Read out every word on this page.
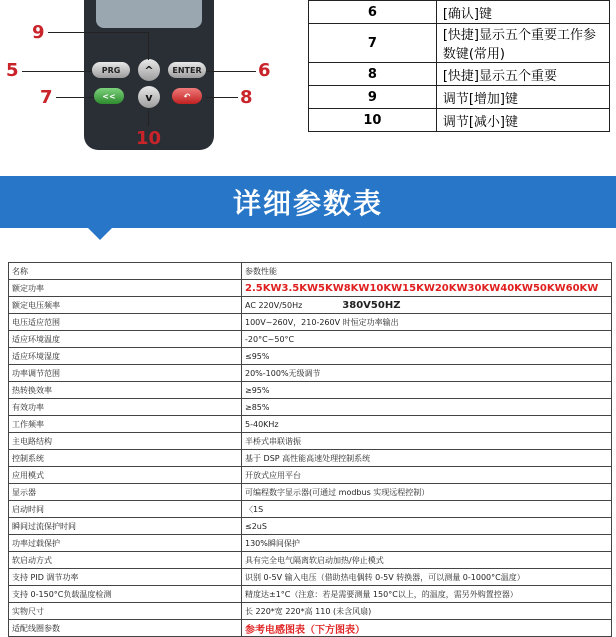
PRG	^	ENTER
<<	v	↶
9
5	6
7	8
10
6	[确认]键
7	[快捷]显示五个重要工作参数键(常用)
8	[快捷]显示五个重要
9	调节[增加]键
10	调节[减小]键
详细参数表
名称	参数性能
额定功率	2.5KW3.5KW5KW8KW10KW15KW20KW30KW40KW50KW60KW
额定电压频率	AC 220V/50Hz 380V50HZ
电压适应范围	100V~260V，210-260V 时恒定功率输出
适应环境温度	-20°C~50°C
适应环境湿度	≤95%
功率调节范围	20%-100%无级调节
热转换效率	≥95%
有效功率	≥85%
工作频率	5-40KHz
主电路结构	半桥式串联谐振
控制系统	基于 DSP 高性能高速处理控制系统
应用模式	开放式应用平台
显示器	可编程数字显示器(可通过 modbus 实现远程控制）
启动时间	〈1S
瞬间过流保护时间	≤2uS
功率过载保护	130%瞬间保护
软启动方式	具有完全电气隔离软启动加热/停止模式
支持 PID 调节功率	识别 0-5V 输入电压（借助热电偶转 0-5V 转换器，可以测量 0-1000°C温度）
支持 0-150°C负载温度检测	精度达±1°C（注意：若是需要测量 150°C以上，的温度，需另外购置控器）
实物尺寸	长 220*宽 220*高 110 (未含风扇)
适配线圈参数	参考电感图表（下方图表）
